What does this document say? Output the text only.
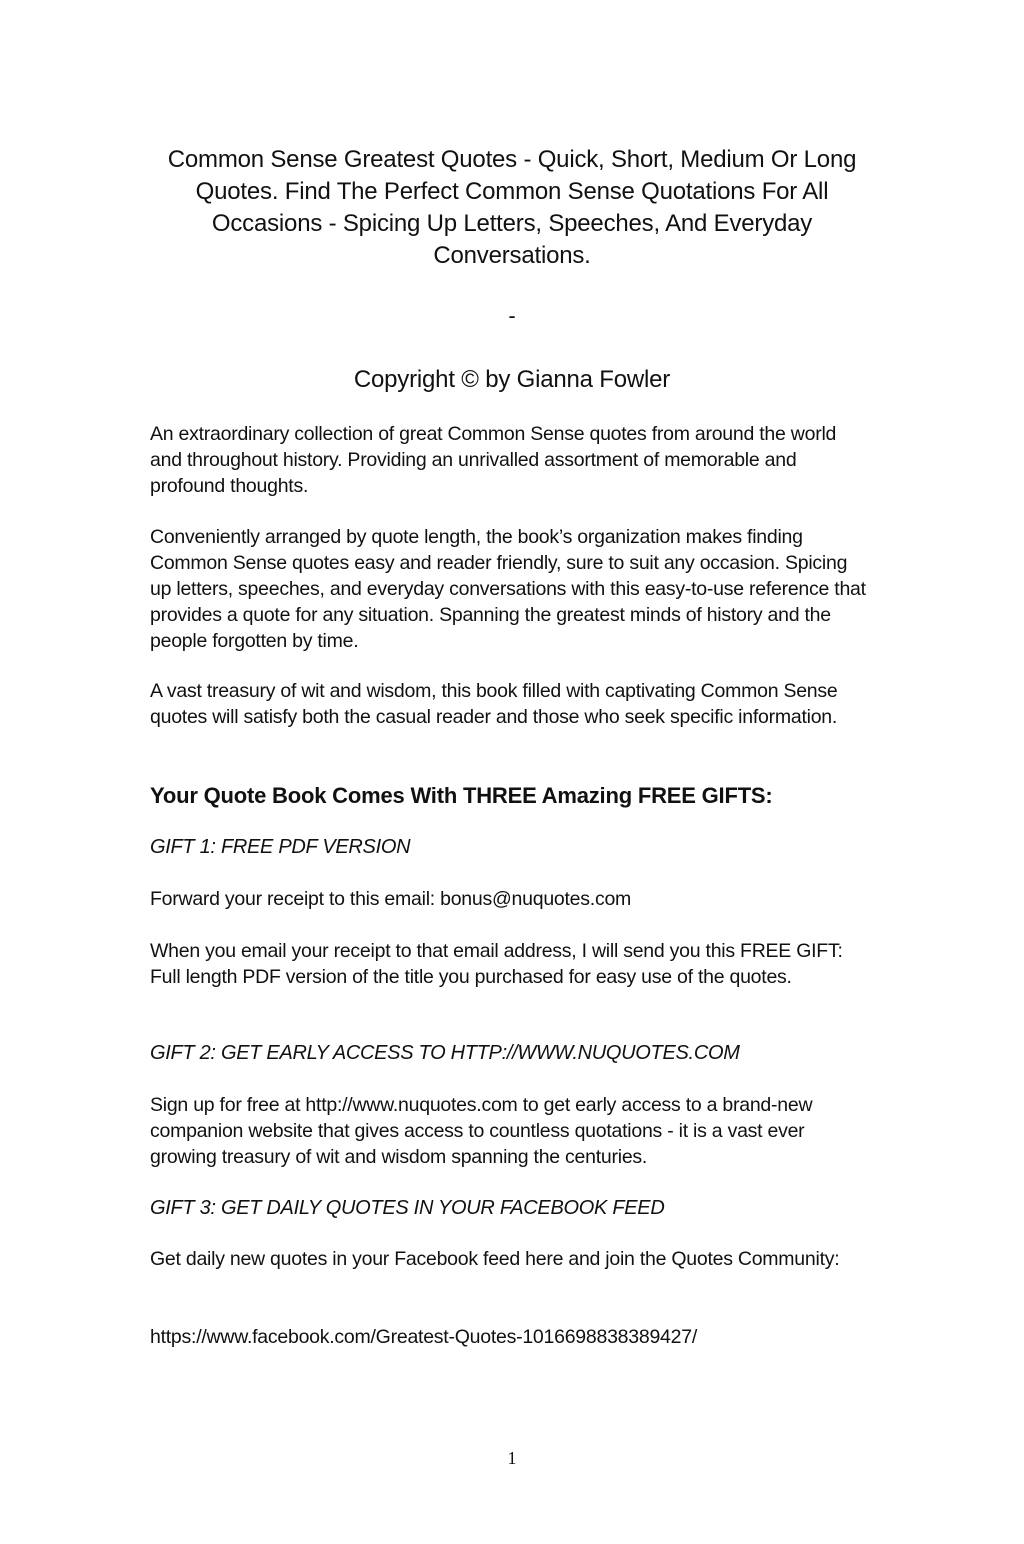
Common Sense Greatest Quotes - Quick, Short, Medium Or Long Quotes. Find The Perfect Common Sense Quotations For All Occasions - Spicing Up Letters, Speeches, And Everyday Conversations.
-
Copyright © by Gianna Fowler
An extraordinary collection of great Common Sense quotes from around the world and throughout history. Providing an unrivalled assortment of memorable and profound thoughts.
Conveniently arranged by quote length, the book’s organization makes finding Common Sense quotes easy and reader friendly, sure to suit any occasion. Spicing up letters, speeches, and everyday conversations with this easy-to-use reference that provides a quote for any situation. Spanning the greatest minds of history and the people forgotten by time.
A vast treasury of wit and wisdom, this book filled with captivating Common Sense quotes will satisfy both the casual reader and those who seek specific information.
Your Quote Book Comes With THREE Amazing FREE GIFTS:
GIFT 1: FREE PDF VERSION
Forward your receipt to this email: bonus@nuquotes.com
When you email your receipt to that email address, I will send you this FREE GIFT: Full length PDF version of the title you purchased for easy use of the quotes.
GIFT 2: GET EARLY ACCESS TO HTTP://WWW.NUQUOTES.COM
Sign up for free at http://www.nuquotes.com to get early access to a brand-new companion website that gives access to countless quotations - it is a vast ever growing treasury of wit and wisdom spanning the centuries.
GIFT 3: GET DAILY QUOTES IN YOUR FACEBOOK FEED
Get daily new quotes in your Facebook feed here and join the Quotes Community:
https://www.facebook.com/Greatest-Quotes-1016698838389427/
1
